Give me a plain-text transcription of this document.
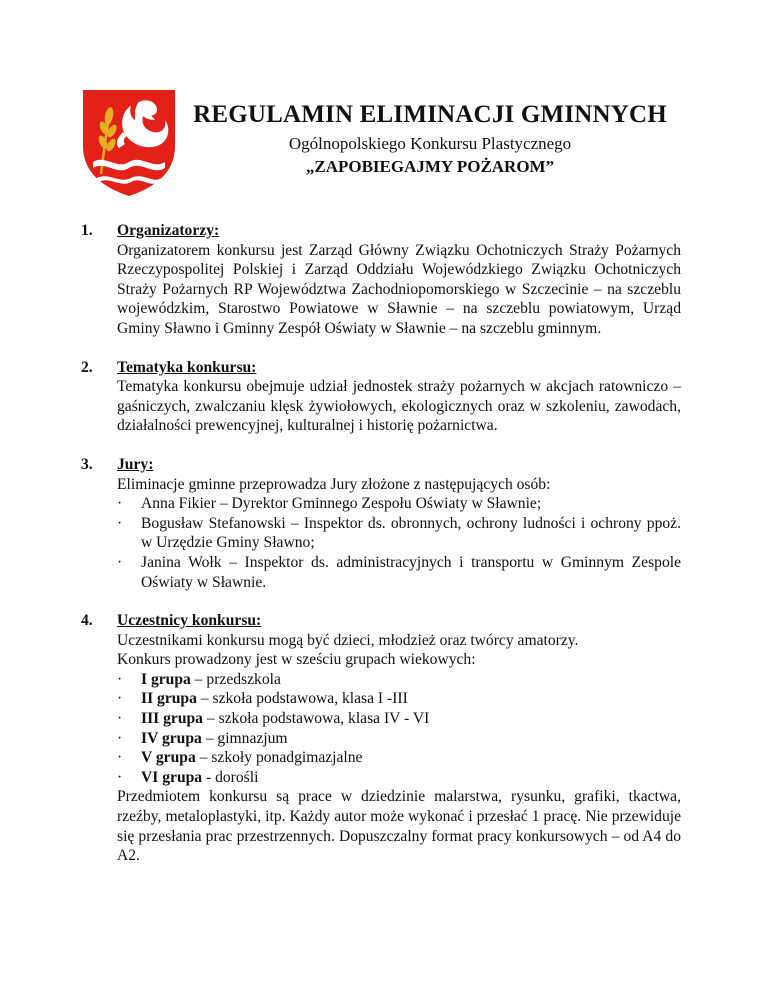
REGULAMIN ELIMINACJI GMINNYCH
Ogólnopolskiego Konkursu Plastycznego
„ZAPOBIEGAJMY POŻAROM”
1.	Organizatorzy:
Organizatorem konkursu jest Zarząd Główny Związku Ochotniczych Straży Pożarnych Rzeczypospolitej Polskiej i Zarząd Oddziału Wojewódzkiego Związku Ochotniczych Straży Pożarnych RP Województwa Zachodniopomorskiego w Szczecinie – na szczeblu wojewódzkim, Starostwo Powiatowe w Sławnie – na szczeblu powiatowym, Urząd Gminy Sławno i Gminny Zespół Oświaty w Sławnie – na szczeblu gminnym.
2.	Tematyka konkursu:
Tematyka konkursu obejmuje udział jednostek straży pożarnych w akcjach ratowniczo – gaśniczych, zwalczaniu klęsk żywiołowych, ekologicznych oraz w szkoleniu, zawodach, działalności prewencyjnej, kulturalnej i historię pożarnictwa.
3.	Jury:
Eliminacje gminne przeprowadza Jury złożone z następujących osób:
·	Anna Fikier – Dyrektor Gminnego Zespołu Oświaty w Sławnie;
·	Bogusław Stefanowski – Inspektor ds. obronnych, ochrony ludności i ochrony ppoż. w Urzędzie Gminy Sławno;
·	Janina Wołk – Inspektor ds. administracyjnych i transportu w Gminnym Zespole Oświaty w Sławnie.
4.	Uczestnicy konkursu:
Uczestnikami konkursu mogą być dzieci, młodzież oraz twórcy amatorzy.
Konkurs prowadzony jest w sześciu grupach wiekowych:
·	I grupa – przedszkola
·	II grupa – szkoła podstawowa, klasa I -III
·	III grupa – szkoła podstawowa, klasa IV - VI
·	IV grupa – gimnazjum
·	V grupa – szkoły ponadgimazjalne
·	VI grupa - dorośli
Przedmiotem konkursu są prace w dziedzinie malarstwa, rysunku, grafiki, tkactwa, rzeźby, metaloplastyki, itp. Każdy autor może wykonać i przesłać 1 pracę. Nie przewiduje się przesłania prac przestrzennych. Dopuszczalny format pracy konkursowych – od A4 do A2.
